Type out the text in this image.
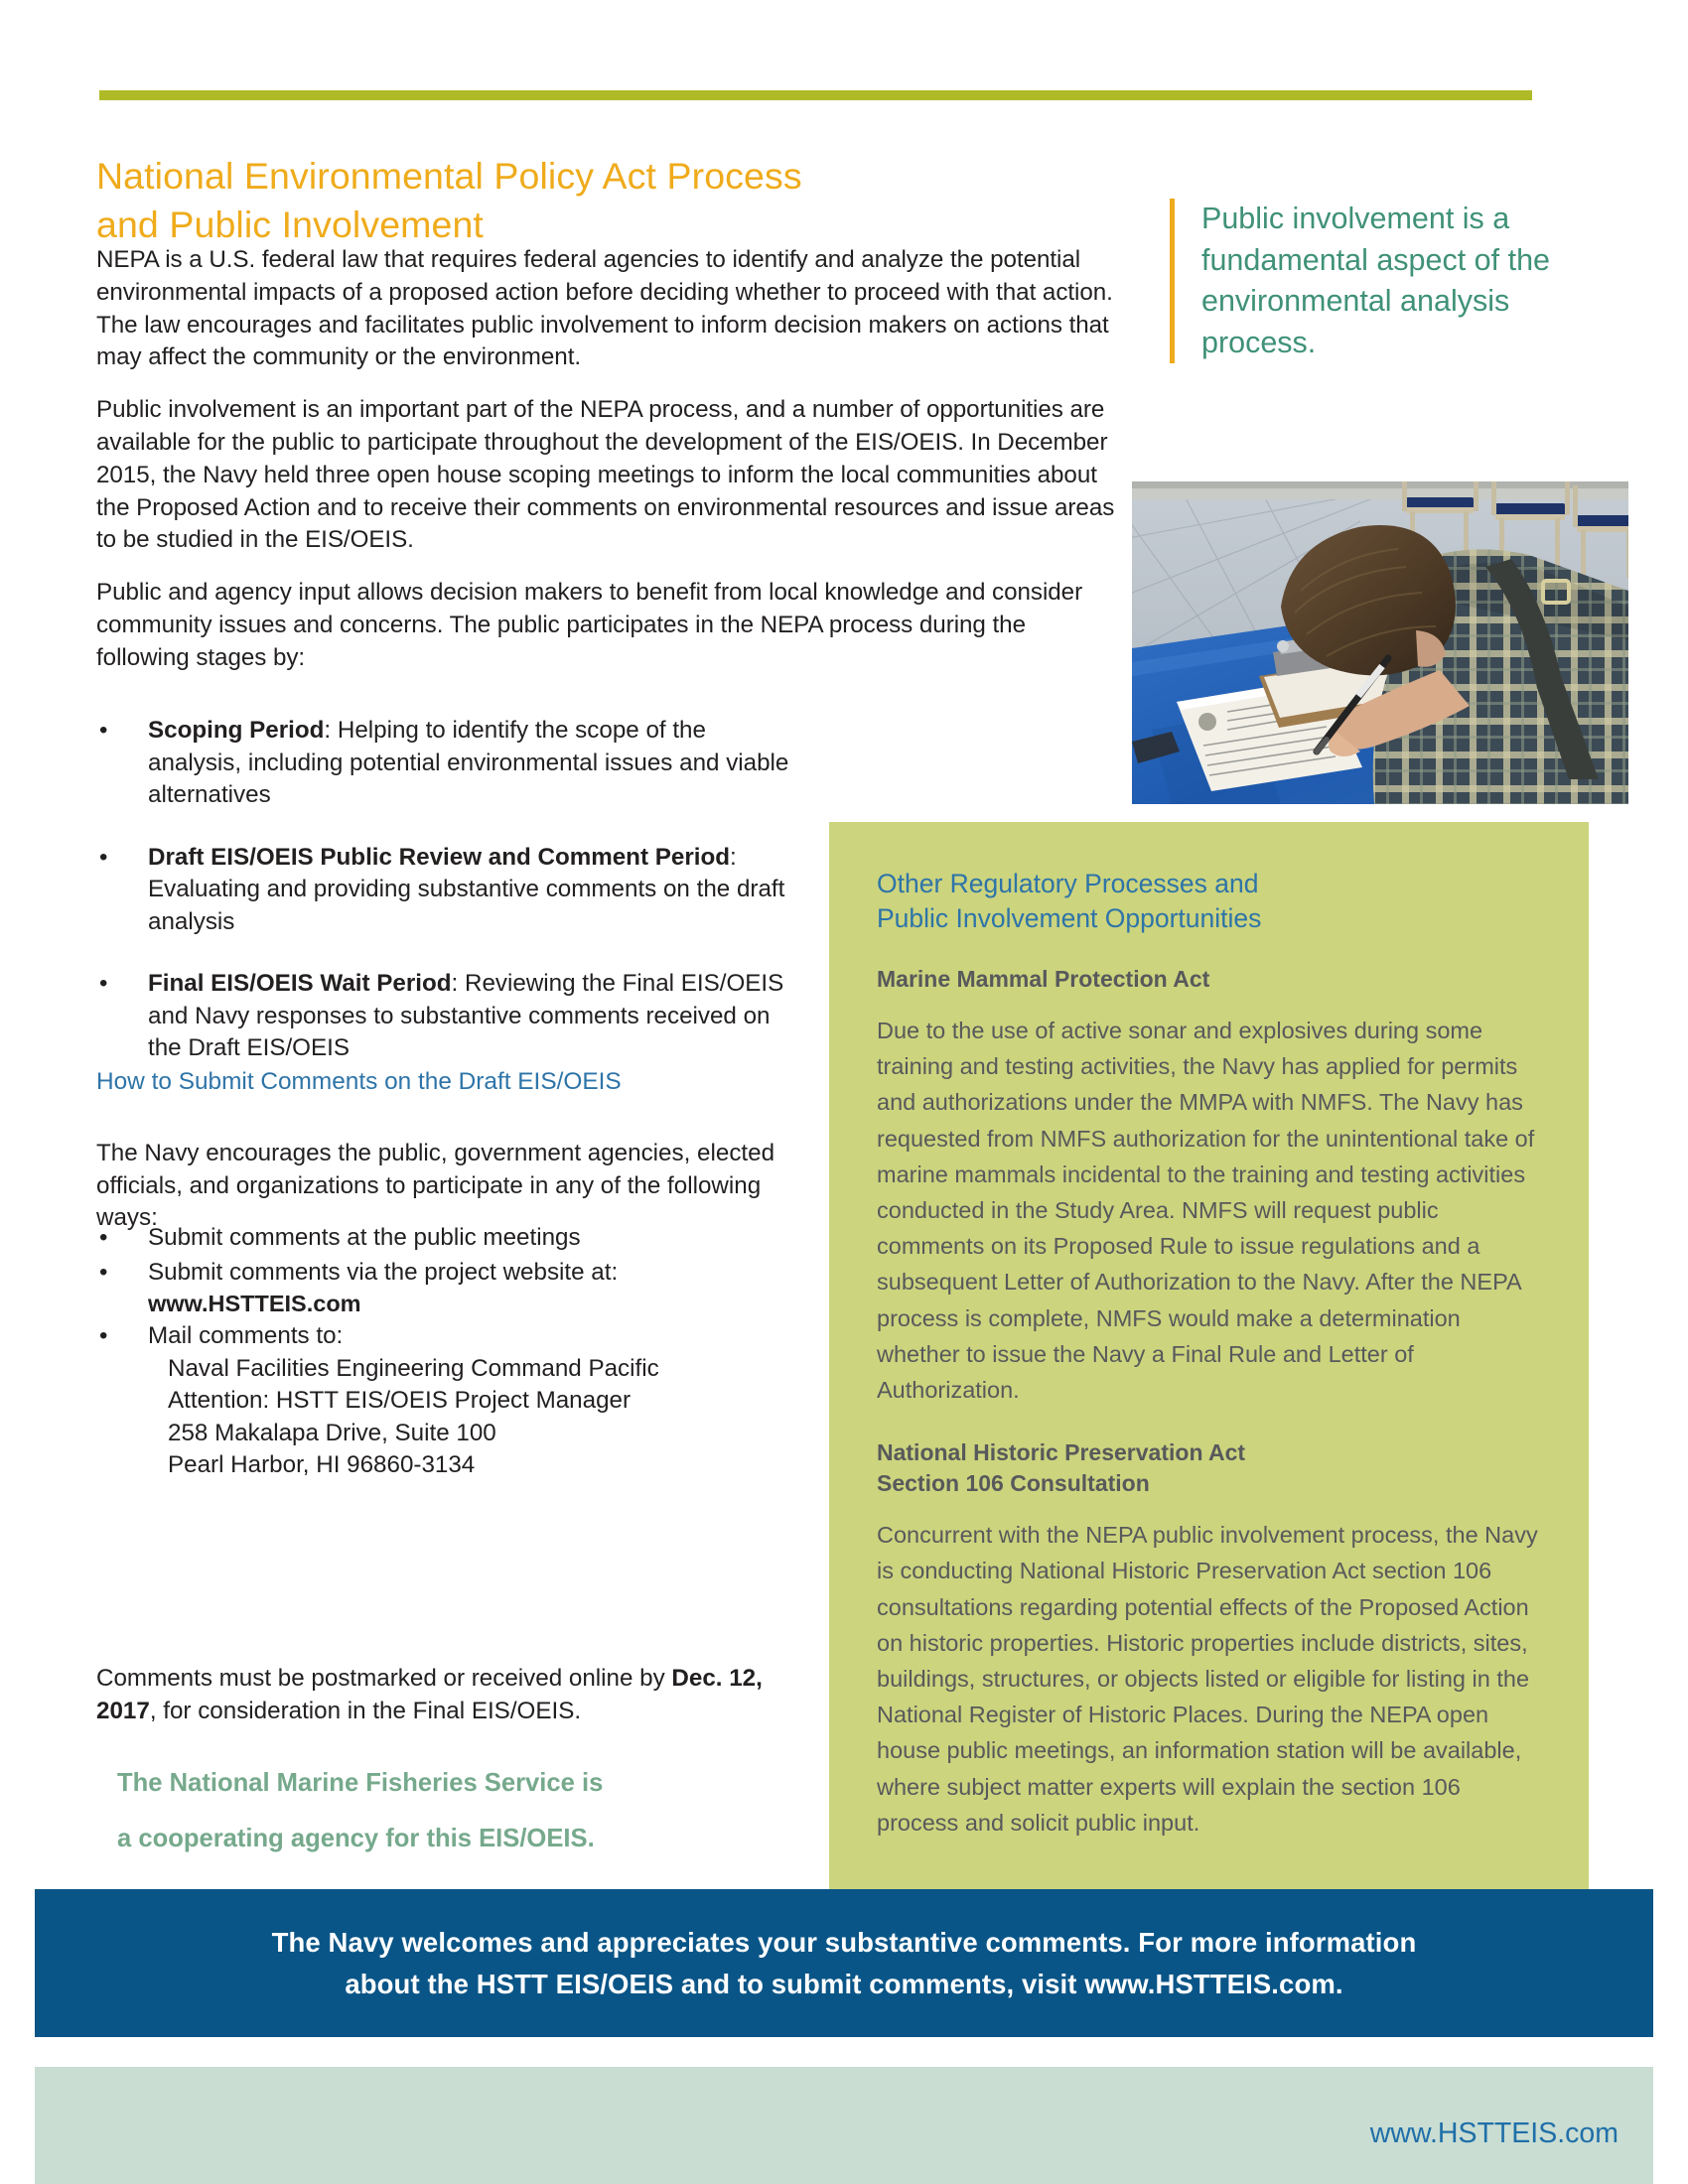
National Environmental Policy Act Process
and Public Involvement	Public involvement is a fundamental aspect of the environmental analysis process.

NEPA is a U.S. federal law that requires federal agencies to identify and analyze the potential environmental impacts of a proposed action before deciding whether to proceed with that action. The law encourages and facilitates public involvement to inform decision makers on actions that may affect the community or the environment.

Public involvement is an important part of the NEPA process, and a number of opportunities are available for the public to participate throughout the development of the EIS/OEIS. In December 2015, the Navy held three open house scoping meetings to inform the local communities about the Proposed Action and to receive their comments on environmental resources and issue areas to be studied in the EIS/OEIS.

Public and agency input allows decision makers to benefit from local knowledge and consider community issues and concerns. The public participates in the NEPA process during the following stages by:

• Scoping Period: Helping to identify the scope of the analysis, including potential environmental issues and viable alternatives
• Draft EIS/OEIS Public Review and Comment Period: Evaluating and providing substantive comments on the draft analysis
• Final EIS/OEIS Wait Period: Reviewing the Final EIS/OEIS and Navy responses to substantive comments received on the Draft EIS/OEIS
How to Submit Comments on the Draft EIS/OEIS

The Navy encourages the public, government agencies, elected officials, and organizations to participate in any of the following ways:

• Submit comments at the public meetings
• Submit comments via the project website at:
www.HSTTEIS.com
• Mail comments to:
Naval Facilities Engineering Command Pacific
Attention: HSTT EIS/OEIS Project Manager
258 Makalapa Drive, Suite 100
Pearl Harbor, HI 96860-3134

Comments must be postmarked or received online by Dec. 12, 2017, for consideration in the Final EIS/OEIS.

The National Marine Fisheries Service is
a cooperating agency for this EIS/OEIS.
Other Regulatory Processes and
Public Involvement Opportunities
Marine Mammal Protection Act

Due to the use of active sonar and explosives during some training and testing activities, the Navy has applied for permits and authorizations under the MMPA with NMFS. The Navy has requested from NMFS authorization for the unintentional take of marine mammals incidental to the training and testing activities conducted in the Study Area. NMFS will request public comments on its Proposed Rule to issue regulations and a subsequent Letter of Authorization to the Navy. After the NEPA process is complete, NMFS would make a determination whether to issue the Navy a Final Rule and Letter of Authorization.

National Historic Preservation Act
Section 106 Consultation

Concurrent with the NEPA public involvement process, the Navy is conducting National Historic Preservation Act section 106 consultations regarding potential effects of the Proposed Action on historic properties. Historic properties include districts, sites, buildings, structures, or objects listed or eligible for listing in the National Register of Historic Places. During the NEPA open house public meetings, an information station will be available, where subject matter experts will explain the section 106 process and solicit public input.

The Navy welcomes and appreciates your substantive comments. For more information
about the HSTT EIS/OEIS and to submit comments, visit www.HSTTEIS.com.
www.HSTTEIS.com
